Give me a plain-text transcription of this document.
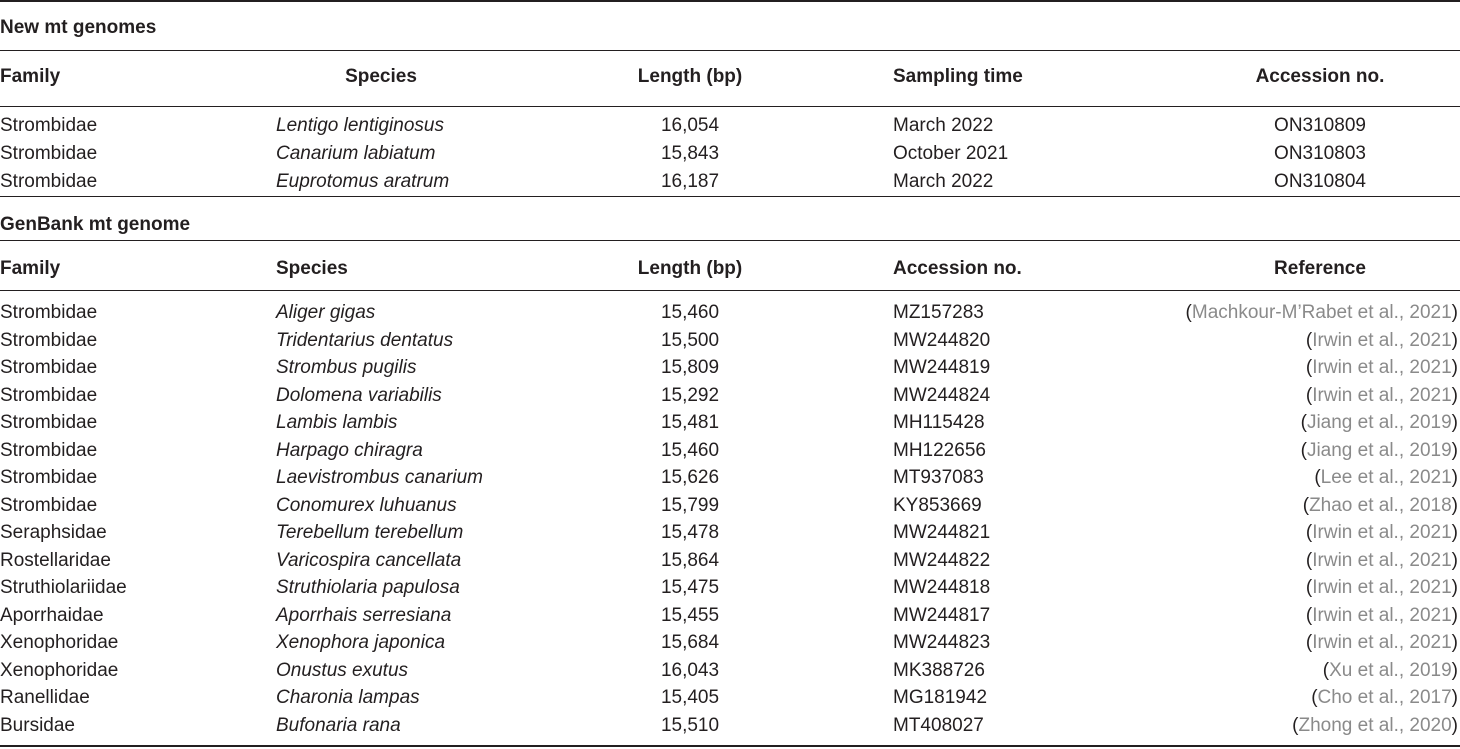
New mt genomes
Family	Species	Length (bp)	Sampling time	Accession no.
Strombidae	Lentigo lentiginosus	16,054	March 2022	ON310809
Strombidae	Canarium labiatum	15,843	October 2021	ON310803
Strombidae	Euprotomus aratrum	16,187	March 2022	ON310804
GenBank mt genome
Family	Species	Length (bp)	Accession no.	Reference
Strombidae	Aliger gigas	15,460	MZ157283	(Machkour-M’Rabet et al., 2021)
Strombidae	Tridentarius dentatus	15,500	MW244820	(Irwin et al., 2021)
Strombidae	Strombus pugilis	15,809	MW244819	(Irwin et al., 2021)
Strombidae	Dolomena variabilis	15,292	MW244824	(Irwin et al., 2021)
Strombidae	Lambis lambis	15,481	MH115428	(Jiang et al., 2019)
Strombidae	Harpago chiragra	15,460	MH122656	(Jiang et al., 2019)
Strombidae	Laevistrombus canarium	15,626	MT937083	(Lee et al., 2021)
Strombidae	Conomurex luhuanus	15,799	KY853669	(Zhao et al., 2018)
Seraphsidae	Terebellum terebellum	15,478	MW244821	(Irwin et al., 2021)
Rostellaridae	Varicospira cancellata	15,864	MW244822	(Irwin et al., 2021)
Struthiolariidae	Struthiolaria papulosa	15,475	MW244818	(Irwin et al., 2021)
Aporrhaidae	Aporrhais serresiana	15,455	MW244817	(Irwin et al., 2021)
Xenophoridae	Xenophora japonica	15,684	MW244823	(Irwin et al., 2021)
Xenophoridae	Onustus exutus	16,043	MK388726	(Xu et al., 2019)
Ranellidae	Charonia lampas	15,405	MG181942	(Cho et al., 2017)
Bursidae	Bufonaria rana	15,510	MT408027	(Zhong et al., 2020)
